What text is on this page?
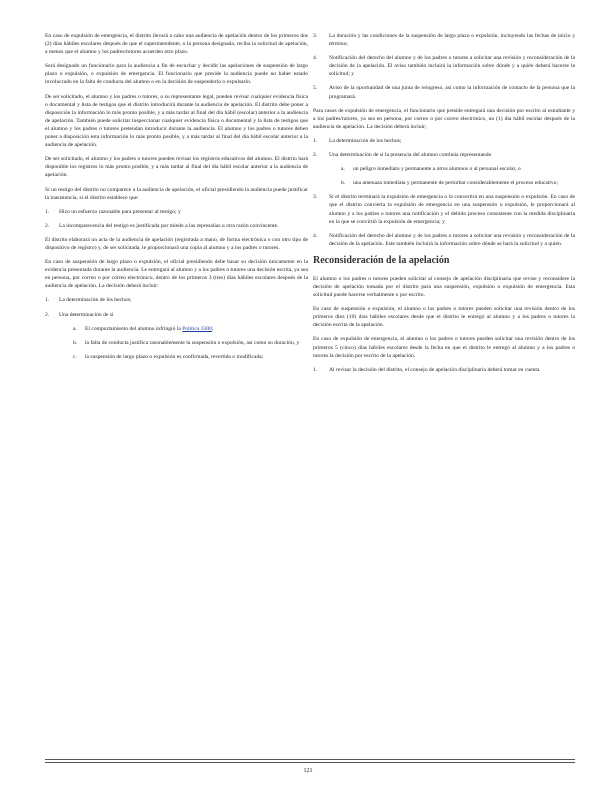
En caso de expulsión de emergencia, el distrito llevará a cabo una audiencia de apelación dentro de los primeros dos (2) días hábiles escolares después de que el superintendente, o la persona designada, reciba la solicitud de apelación, a menos que el alumno y los padres/tutores acuerden otro plazo.

Será designado un funcionario para la audiencia a fin de escuchar y decidir las apelaciones de suspensión de largo plazo o expulsión, o expulsión de emergencia. El funcionario que preside la audiencia puede no haber estado involucrado en la falta de conducta del alumno o en la decisión de suspenderlo o expulsarlo.

De ser solicitado, el alumno y los padres o tutores, o su representante legal, pueden revisar cualquier evidencia física o documental y lista de testigos que el distrito introducirá durante la audiencia de apelación. El distrito debe poner a disposición la información lo más pronto posible, y a más tardar al final del día hábil (escolar) anterior a la audiencia de apelación. También puede solicitar inspeccionar cualquier evidencia física o documental y la lista de testigos que el alumno y los padres o tutores pretendan introducir durante la audiencia. El alumno y los padres o tutores deben poner a disposición esta información lo más pronto posible, y a más tardar al final del día hábil escolar anterior a la audiencia de apelación.

De ser solicitado, el alumno y los padres o tutores pueden revisar los registros educativos del alumno. El distrito hará disponible los registros lo más pronto posible, y a más tardar al final del día hábil escolar anterior a la audiencia de apelación.

Si un testigo del distrito no comparece a la audiencia de apelación, el oficial presidiendo la audiencia puede justificar la inasistencia, si el distrito establece que:

1.	Hizo un esfuerzo razonable para presentar al testigo; y
2.	La incomparecencia del testigo es justificada por miedo a las represalias u otra razón convincente.

El distrito elaborará un acta de la audiencia de apelación (registrada a mano, de forma electrónica o con otro tipo de dispositivo de registro) y, de ser solicitada, le proporcionará una copia al alumno y a los padres o tutores.

En caso de suspensión de largo plazo o expulsión, el oficial presidiendo debe basar su decisión únicamente en la evidencia presentada durante la audiencia. Le entregará al alumno y a los padres o tutores una decisión escrita, ya sea en persona, por correo o por correo electrónico, dentro de los primeros 3 (tres) días hábiles escolares después de la audiencia de apelación. La decisión deberá incluir:

1.	La determinación de los hechos;
2.	Una determinación de si
a.	El comportamiento del alumno infringió la Política 3300;
b.	la falta de conducta justifica razonablemente la suspensión o expulsión, así como su duración, y
c.	la suspensión de largo plazo o expulsión es confirmada, revertida o modificada;
3.	La duración y las condiciones de la suspensión de largo plazo o expulsión, incluyendo las fechas de inicio y término;
4.	Notificación del derecho del alumno y de los padres o tutores a solicitar una revisión y reconsideración de la decisión de la apelación. El aviso también incluirá la información sobre dónde y a quién deberá hacerse la solicitud; y
5.	Aviso de la oportunidad de una junta de reingreso, así como la información de contacto de la persona que la programará.

Para casos de expulsión de emergencia, el funcionario que preside entregará una decisión por escrito al estudiante y a los padres/tutores, ya sea en persona, por correo o por correo electrónico, un (1) día hábil escolar después de la audiencia de apelación. La decisión deberá incluir;

1.	La determinación de los hechos;
2.	Una determinación de si la presencia del alumno continúa representando
a.	un peligro inmediato y permanente a otros alumnos o al personal escolar, o
b.	una amenaza inmediata y permanente de perturbar considerablemente el proceso educativo;
3.	Si el distrito terminará la expulsión de emergencia o la convertirá en una suspensión o expulsión. En caso de que el distrito convierta la expulsión de emergencia en una suspensión o expulsión, le proporcionará al alumno y a los padres o tutores una notificación y el debido proceso consistente con la medida disciplinaria en la que se convirtió la expulsión de emergencia; y
4.	Notificación del derecho del alumno y de los padres o tutores a solicitar una revisión y reconsideración de la decisión de la apelación. Este también incluirá la información sobre dónde se hará la solicitud y a quién.
Reconsideración de la apelación

El alumno o los padres o tutores pueden solicitar al consejo de apelación disciplinaria que revise y reconsidere la decisión de apelación tomada por el distrito para una suspensión, expulsión o expulsión de emergencia. Esta solicitud puede hacerse verbalmente o por escrito.

En caso de suspensión o expulsión, el alumno o los padres o tutores pueden solicitar una revisión dentro de los primeros diez (10) días hábiles escolares desde que el distrito le entregó al alumno y a los padres o tutores la decisión escrita de la apelación.

En caso de expulsión de emergencia, el alumno o los padres o tutores pueden solicitar una revisión dentro de los primeros 5 (cinco) días hábiles escolares desde la fecha en que el distrito le entregó al alumno y a los padres o tutores la decisión por escrito de la apelación.

1.	Al revisar la decisión del distrito, el consejo de apelación disciplinaria deberá tomar en cuenta
121
